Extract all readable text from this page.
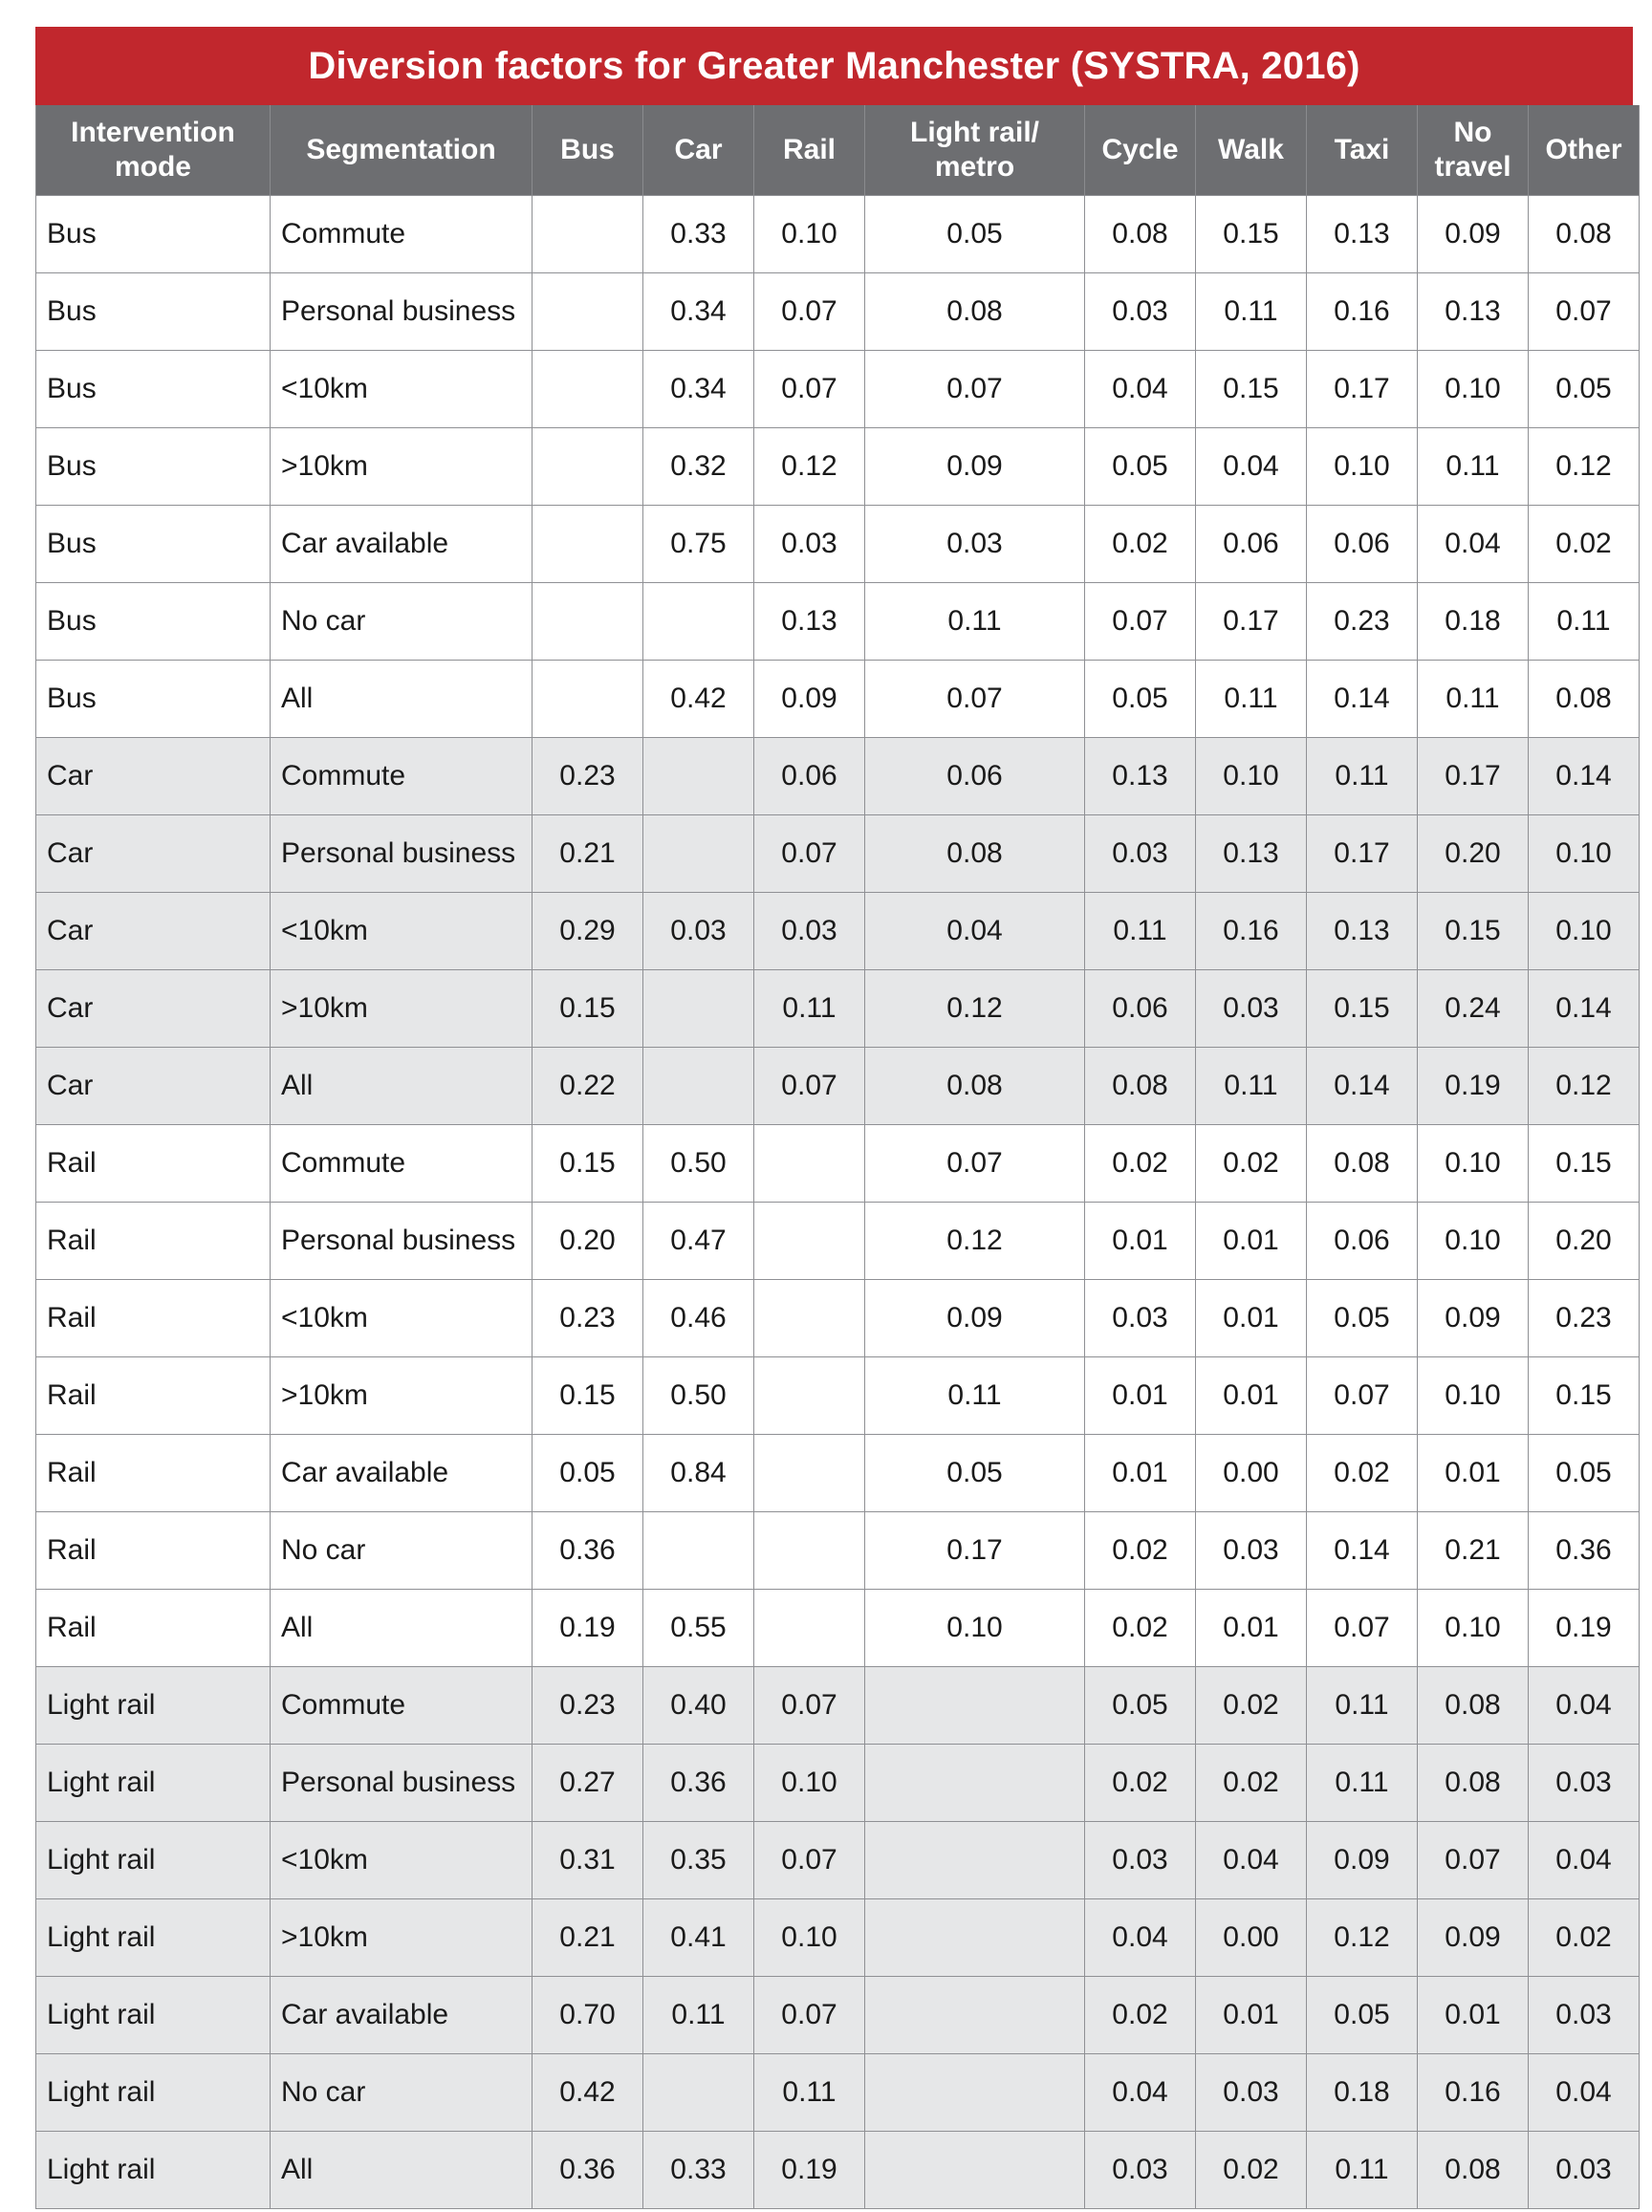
Diversion factors for Greater Manchester (SYSTRA, 2016)
Intervention mode	Segmentation	Bus	Car	Rail	Light rail/ metro	Cycle	Walk	Taxi	No travel	Other
Bus	Commute		0.33	0.10	0.05	0.08	0.15	0.13	0.09	0.08
Bus	Personal business		0.34	0.07	0.08	0.03	0.11	0.16	0.13	0.07
Bus	<10km		0.34	0.07	0.07	0.04	0.15	0.17	0.10	0.05
Bus	>10km		0.32	0.12	0.09	0.05	0.04	0.10	0.11	0.12
Bus	Car available		0.75	0.03	0.03	0.02	0.06	0.06	0.04	0.02
Bus	No car			0.13	0.11	0.07	0.17	0.23	0.18	0.11
Bus	All		0.42	0.09	0.07	0.05	0.11	0.14	0.11	0.08
Car	Commute	0.23		0.06	0.06	0.13	0.10	0.11	0.17	0.14
Car	Personal business	0.21		0.07	0.08	0.03	0.13	0.17	0.20	0.10
Car	<10km	0.29	0.03	0.03	0.04	0.11	0.16	0.13	0.15	0.10
Car	>10km	0.15		0.11	0.12	0.06	0.03	0.15	0.24	0.14
Car	All	0.22		0.07	0.08	0.08	0.11	0.14	0.19	0.12
Rail	Commute	0.15	0.50		0.07	0.02	0.02	0.08	0.10	0.15
Rail	Personal business	0.20	0.47		0.12	0.01	0.01	0.06	0.10	0.20
Rail	<10km	0.23	0.46		0.09	0.03	0.01	0.05	0.09	0.23
Rail	>10km	0.15	0.50		0.11	0.01	0.01	0.07	0.10	0.15
Rail	Car available	0.05	0.84		0.05	0.01	0.00	0.02	0.01	0.05
Rail	No car	0.36			0.17	0.02	0.03	0.14	0.21	0.36
Rail	All	0.19	0.55		0.10	0.02	0.01	0.07	0.10	0.19
Light rail	Commute	0.23	0.40	0.07		0.05	0.02	0.11	0.08	0.04
Light rail	Personal business	0.27	0.36	0.10		0.02	0.02	0.11	0.08	0.03
Light rail	<10km	0.31	0.35	0.07		0.03	0.04	0.09	0.07	0.04
Light rail	>10km	0.21	0.41	0.10		0.04	0.00	0.12	0.09	0.02
Light rail	Car available	0.70	0.11	0.07		0.02	0.01	0.05	0.01	0.03
Light rail	No car	0.42		0.11		0.04	0.03	0.18	0.16	0.04
Light rail	All	0.36	0.33	0.19		0.03	0.02	0.11	0.08	0.03
